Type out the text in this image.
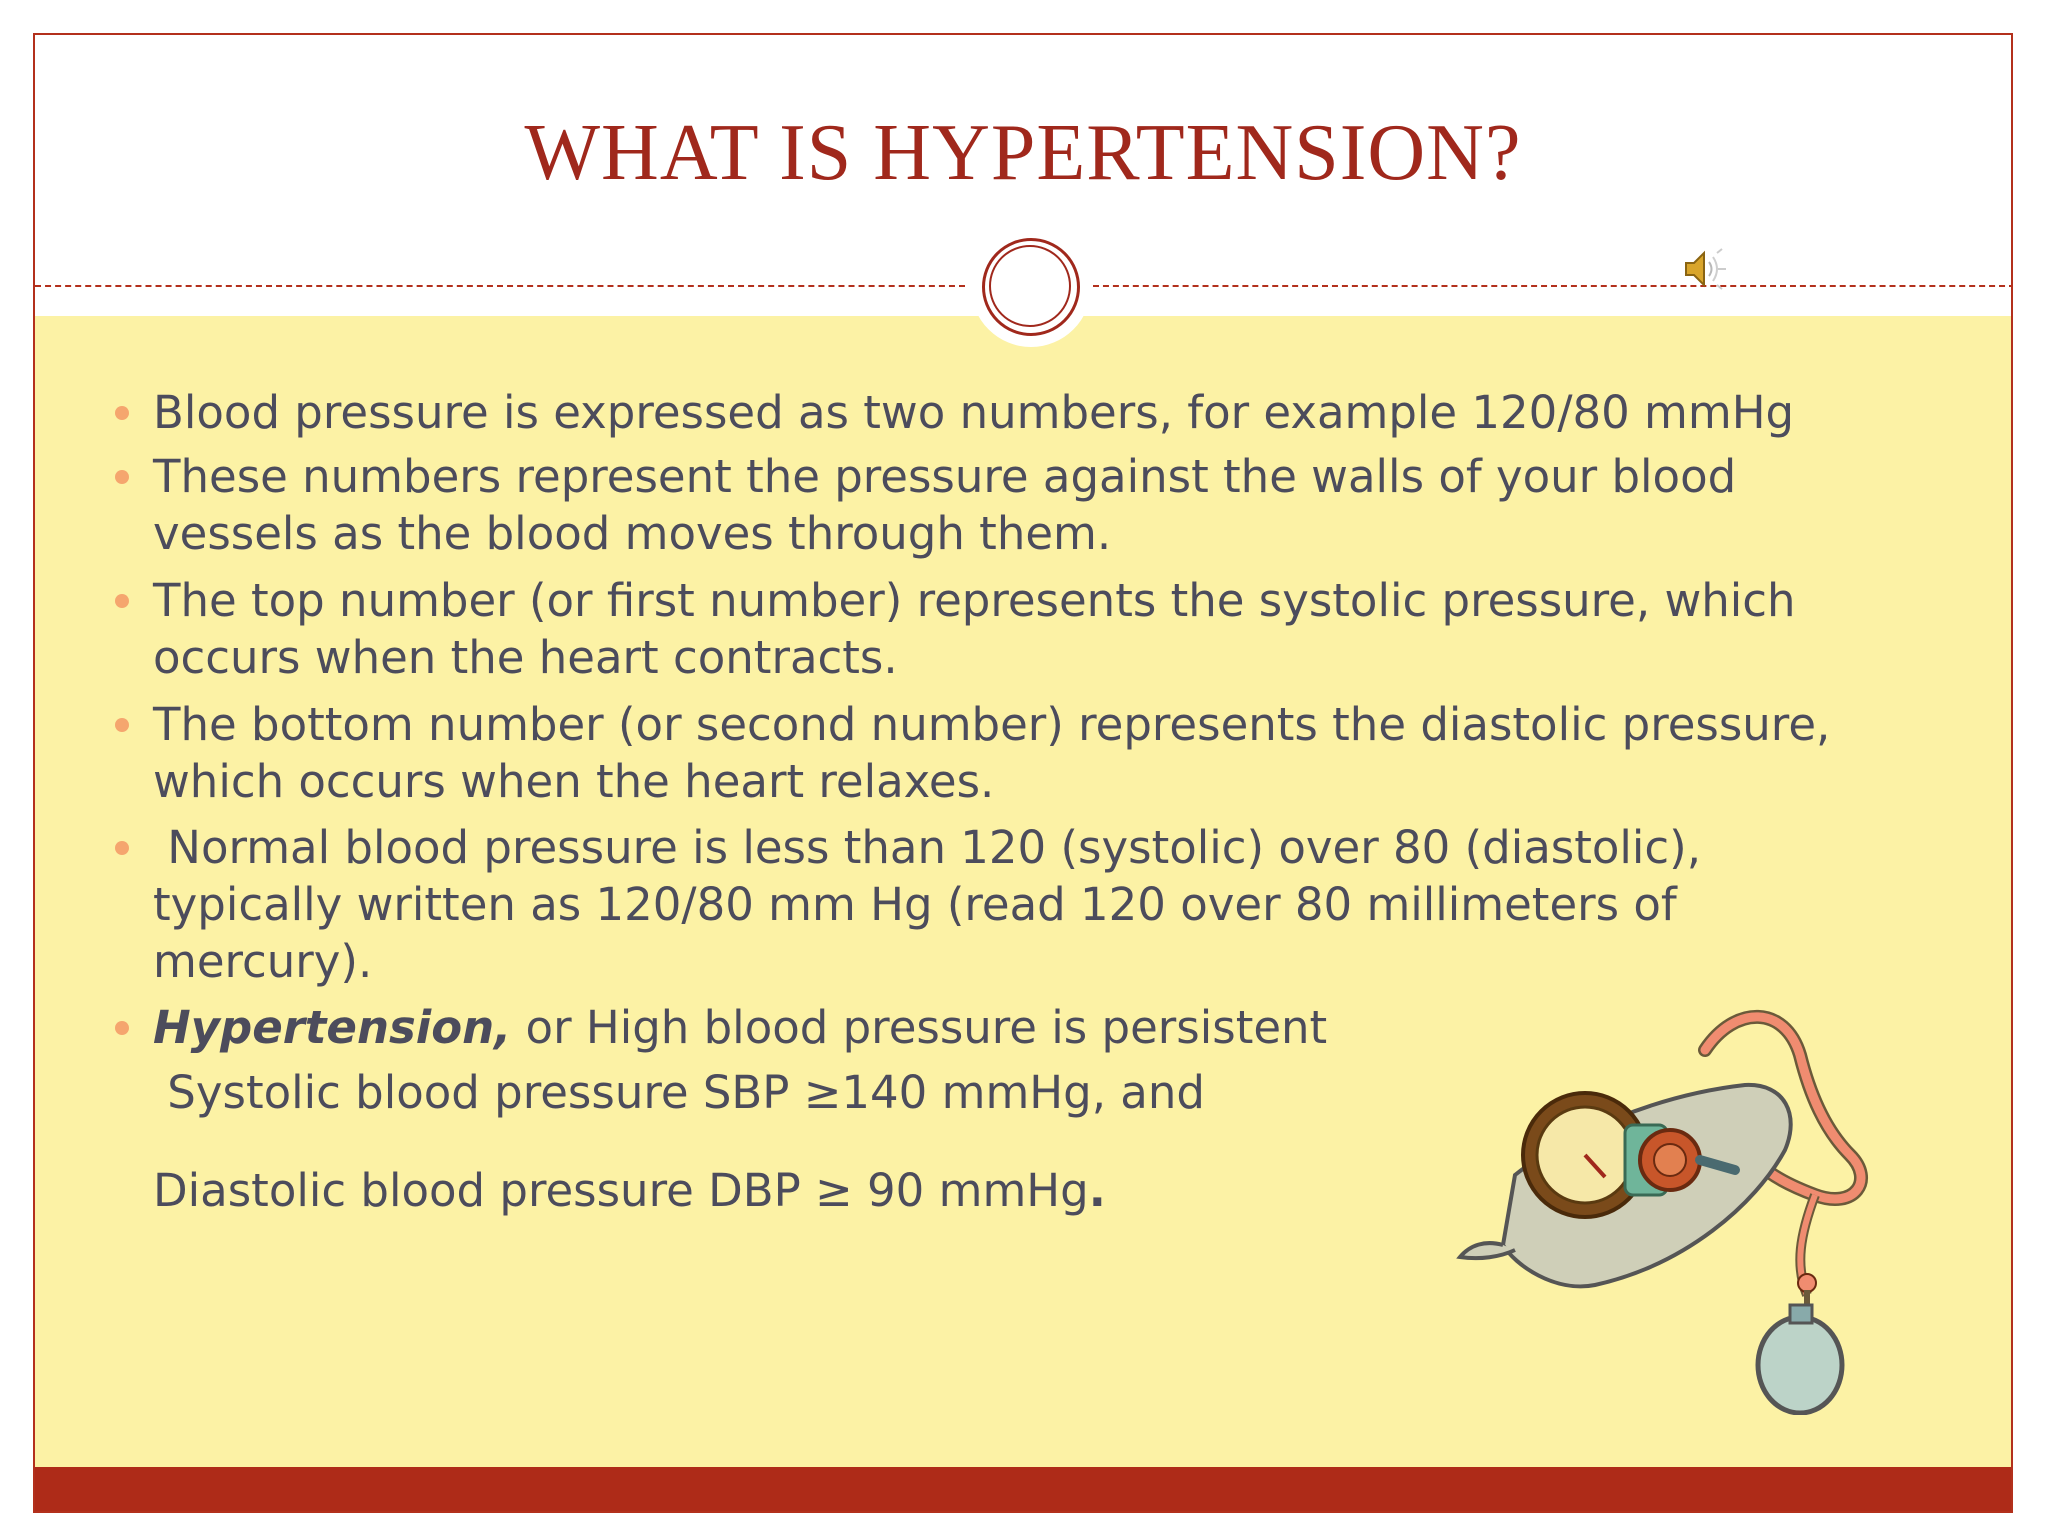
WHAT IS HYPERTENSION?
Blood pressure is expressed as two numbers, for example 120/80 mmHg
These numbers represent the pressure against the walls of your blood
vessels as the blood moves through them.
The top number (or first number) represents the systolic pressure, which
occurs when the heart contracts.
The bottom number (or second number) represents the diastolic pressure,
which occurs when the heart relaxes.
Normal blood pressure is less than 120 (systolic) over 80 (diastolic),
typically written as 120/80 mm Hg (read 120 over 80 millimeters of
mercury).
Hypertension, or High blood pressure is persistent
Systolic blood pressure SBP ≥140 mmHg, and
Diastolic blood pressure DBP ≥ 90 mmHg.
